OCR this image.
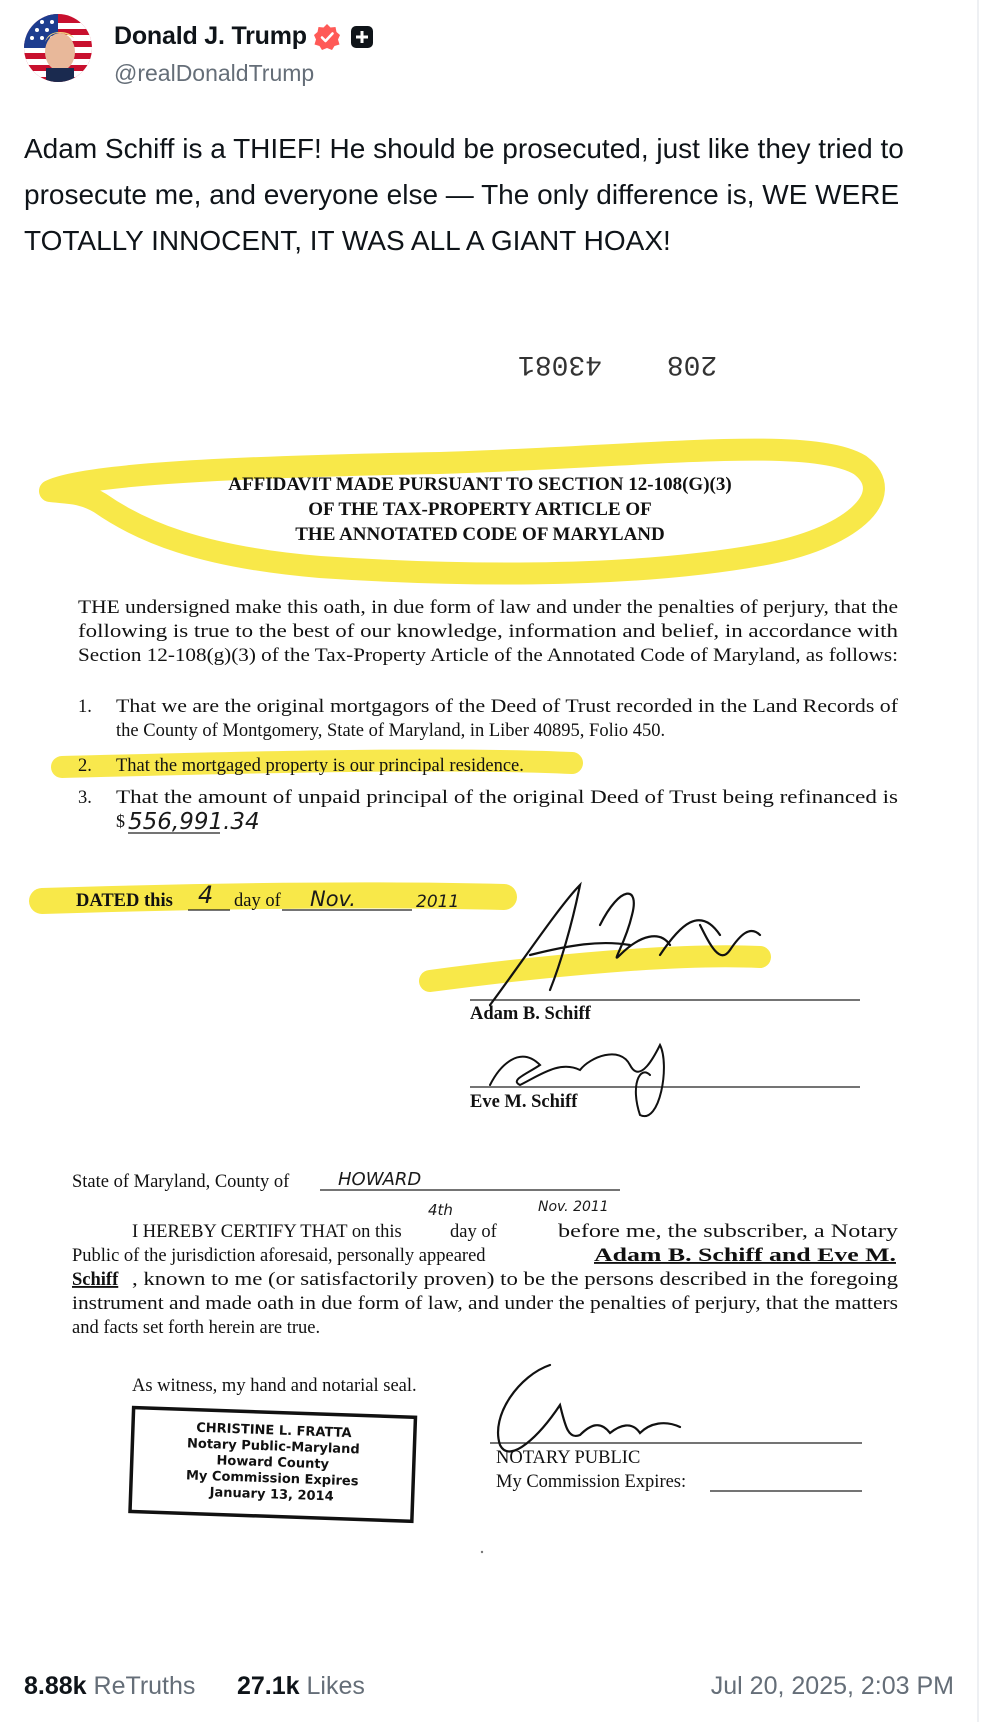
Donald J. Trump
@realDonaldTrump

Adam Schiff is a THIEF! He should be prosecuted, just like they tried to prosecute me, and everyone else — The only difference is, WE WERE TOTALLY INNOCENT, IT WAS ALL A GIANT HOAX!

43081 208
AFFIDAVIT MADE PURSUANT TO SECTION 12-108(G)(3)
OF THE TAX-PROPERTY ARTICLE OF
THE ANNOTATED CODE OF MARYLAND
THE undersigned make this oath, in due form of law and under the penalties of perjury, that the
following is true to the best of our knowledge, information and belief, in accordance with
Section 12-108(g)(3) of the Tax-Property Article of the Annotated Code of Maryland, as follows:
1. That we are the original mortgagors of the Deed of Trust recorded in the Land Records of
the County of Montgomery, State of Maryland, in Liber 40895, Folio 450.
2. That the mortgaged property is our principal residence.
3. That the amount of unpaid principal of the original Deed of Trust being refinanced is
$ 556,991.34
DATED this	day of
4	Nov.	2011
Adam B. Schiff
Eve M. Schiff
State of Maryland, County of	HOWARD
I HEREBY CERTIFY THAT on this	day of	before me, the subscriber, a Notary
Public of the jurisdiction aforesaid, personally appeared	Adam B. Schiff and Eve M.
Schiff , known to me (or satisfactorily proven) to be the persons described in the foregoing
instrument and made oath in due form of law, and under the penalties of perjury, that the matters
and facts set forth herein are true.
4th	Nov. 2011
As witness, my hand and notarial seal.
CHRISTINE L. FRATTA
Notary Public-Maryland
Howard County
My Commission Expires
January 13, 2014
NOTARY PUBLIC
My Commission Expires:
8.88k ReTruths 27.1k Likes	Jul 20, 2025, 2:03 PM
